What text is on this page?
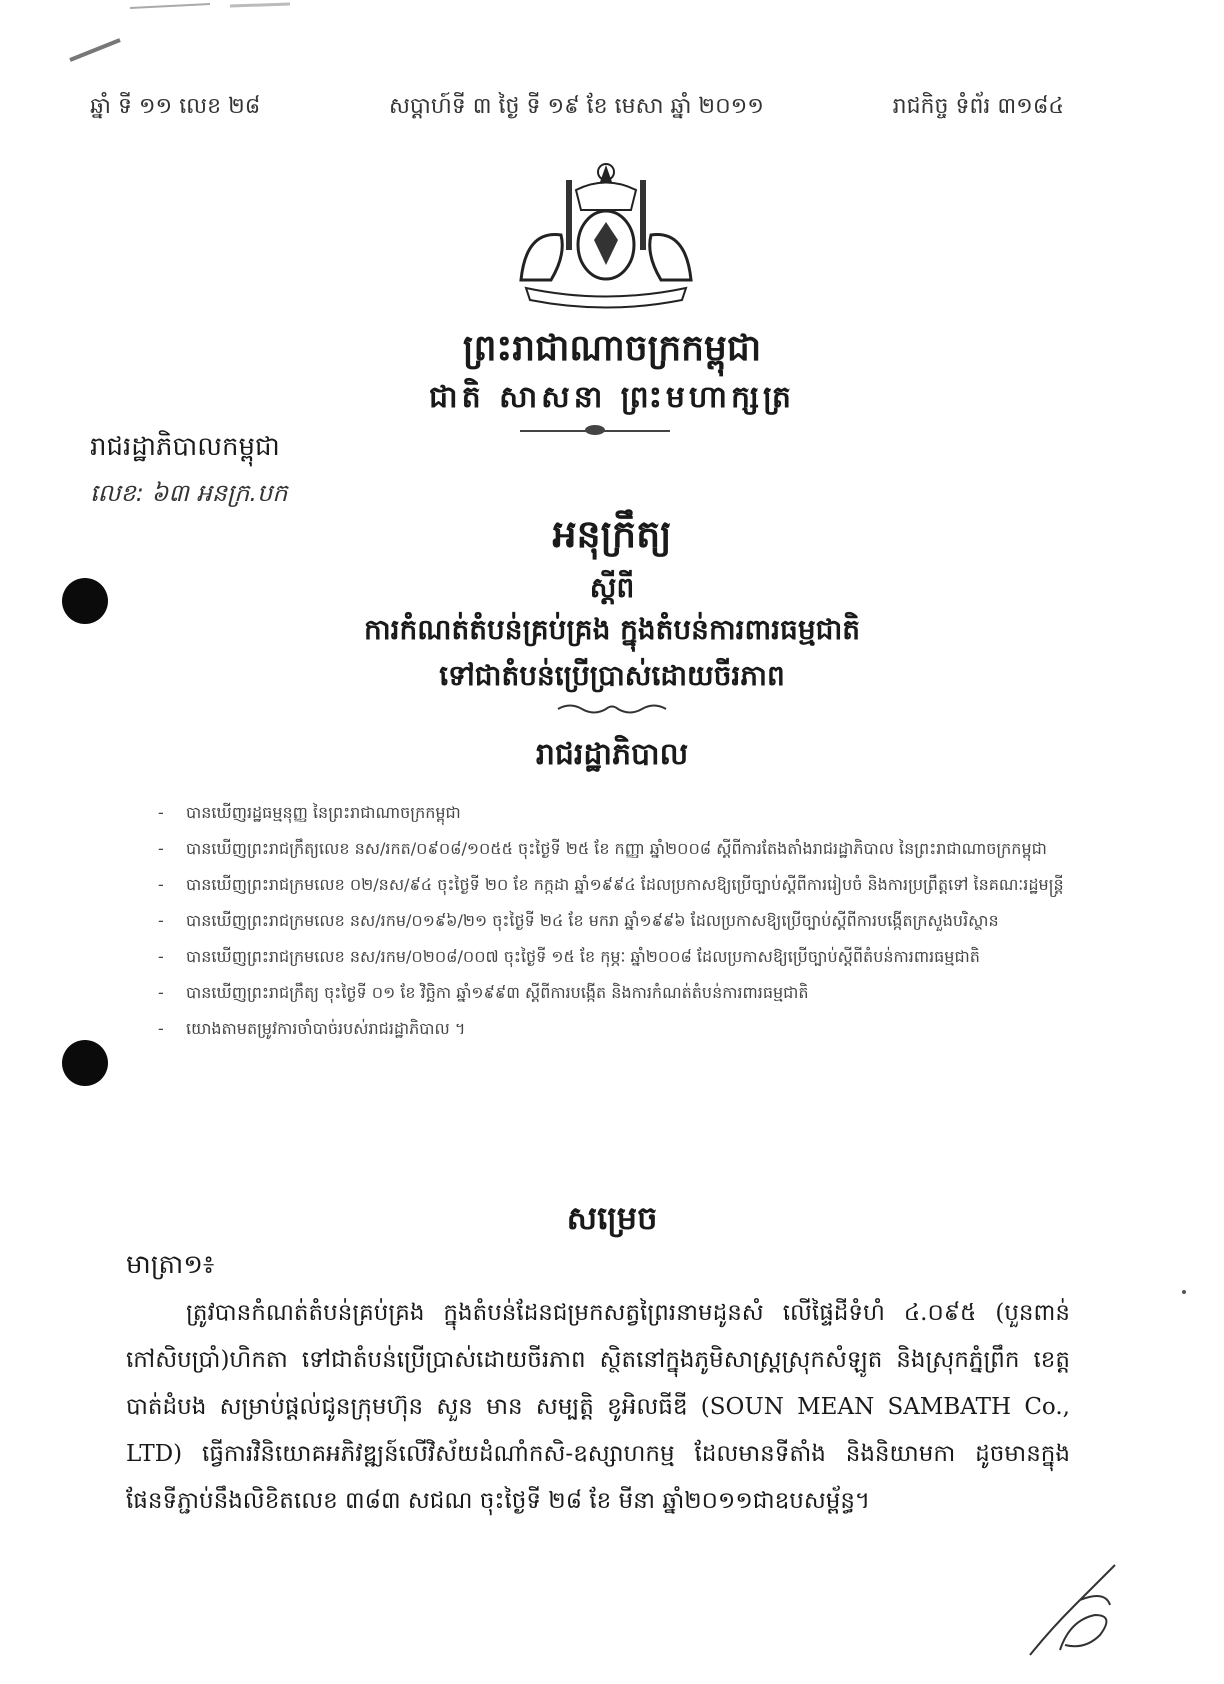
ឆ្នាំ ទី ១១ លេខ ២៨	សប្តាហ៍ទី ៣ ថ្ងៃ ទី ១៩ ខែ មេសា ឆ្នាំ ២០១១	រាជកិច្ច ទំព័រ ៣១៨៤
ព្រះរាជាណាចក្រកម្ពុជា
ជាតិ សាសនា ព្រះមហាក្សត្រ
រាជរដ្ឋាភិបាលកម្ពុជា
លេខ: ៦៣ អនក្រ.បក
អនុក្រឹត្យ
ស្តីពី
ការកំណត់តំបន់គ្រប់គ្រង ក្នុងតំបន់ការពារធម្មជាតិ
ទៅជាតំបន់ប្រើប្រាស់ដោយចីរភាព
រាជរដ្ឋាភិបាល
- បានឃើញរដ្ឋធម្មនុញ្ញ នៃព្រះរាជាណាចក្រកម្ពុជា
- បានឃើញព្រះរាជក្រឹត្យលេខ នស/រកត/០៩០៨/១០៥៥ ចុះថ្ងៃទី ២៥ ខែ កញ្ញា ឆ្នាំ២០០៨ ស្តីពីការតែងតាំងរាជរដ្ឋាភិបាល នៃព្រះរាជាណាចក្រកម្ពុជា
- បានឃើញព្រះរាជក្រមលេខ ០២/នស/៩៤ ចុះថ្ងៃទី ២០ ខែ កក្កដា ឆ្នាំ១៩៩៤ ដែលប្រកាសឱ្យប្រើច្បាប់ស្តីពីការរៀបចំ និងការប្រព្រឹត្តទៅ នៃគណៈរដ្ឋមន្ត្រី
- បានឃើញព្រះរាជក្រមលេខ នស/រកម/០១៩៦/២១ ចុះថ្ងៃទី ២៤ ខែ មករា ឆ្នាំ១៩៩៦ ដែលប្រកាសឱ្យប្រើច្បាប់ស្តីពីការបង្កើតក្រសួងបរិស្ថាន
- បានឃើញព្រះរាជក្រមលេខ នស/រកម/០២០៨/០០៧ ចុះថ្ងៃទី ១៥ ខែ កុម្ភៈ ឆ្នាំ២០០៨ ដែលប្រកាសឱ្យប្រើច្បាប់ស្តីពីតំបន់ការពារធម្មជាតិ
- បានឃើញព្រះរាជក្រឹត្យ ចុះថ្ងៃទី ០១ ខែ វិច្ឆិកា ឆ្នាំ១៩៩៣ ស្តីពីការបង្កើត និងការកំណត់តំបន់ការពារធម្មជាតិ
- យោងតាមតម្រូវការចាំបាច់របស់រាជរដ្ឋាភិបាល ។
សម្រេច
មាត្រា១៖
ត្រូវបានកំណត់តំបន់គ្រប់គ្រង ក្នុងតំបន់ដែនជម្រកសត្វព្រៃរនាមដូនសំ លើផ្ទៃដីទំហំ ៤.០៩៥ (បួនពាន់ កៅសិបប្រាំ)ហិកតា ទៅជាតំបន់ប្រើប្រាស់ដោយចីរភាព ស្ថិតនៅក្នុងភូមិសាស្ត្រស្រុកសំឡូត និងស្រុកភ្នំព្រឹក ខេត្តបាត់ដំបង សម្រាប់ផ្តល់ជូនក្រុមហ៊ុន សួន មាន សម្បត្តិ ខូអិលធីឌី (SOUN MEAN SAMBATH Co., LTD) ធ្វើការវិនិយោគអភិវឌ្ឍន៍លើវិស័យដំណាំកសិ-ឧស្សាហកម្ម ដែលមានទីតាំង និងនិយាមកា ដូចមានក្នុងផែនទីភ្ជាប់នឹងលិខិតលេខ ៣៨៣ សជណ ចុះថ្ងៃទី ២៨ ខែ មីនា ឆ្នាំ២០១១ជាឧបសម្ព័ន្ធ។
